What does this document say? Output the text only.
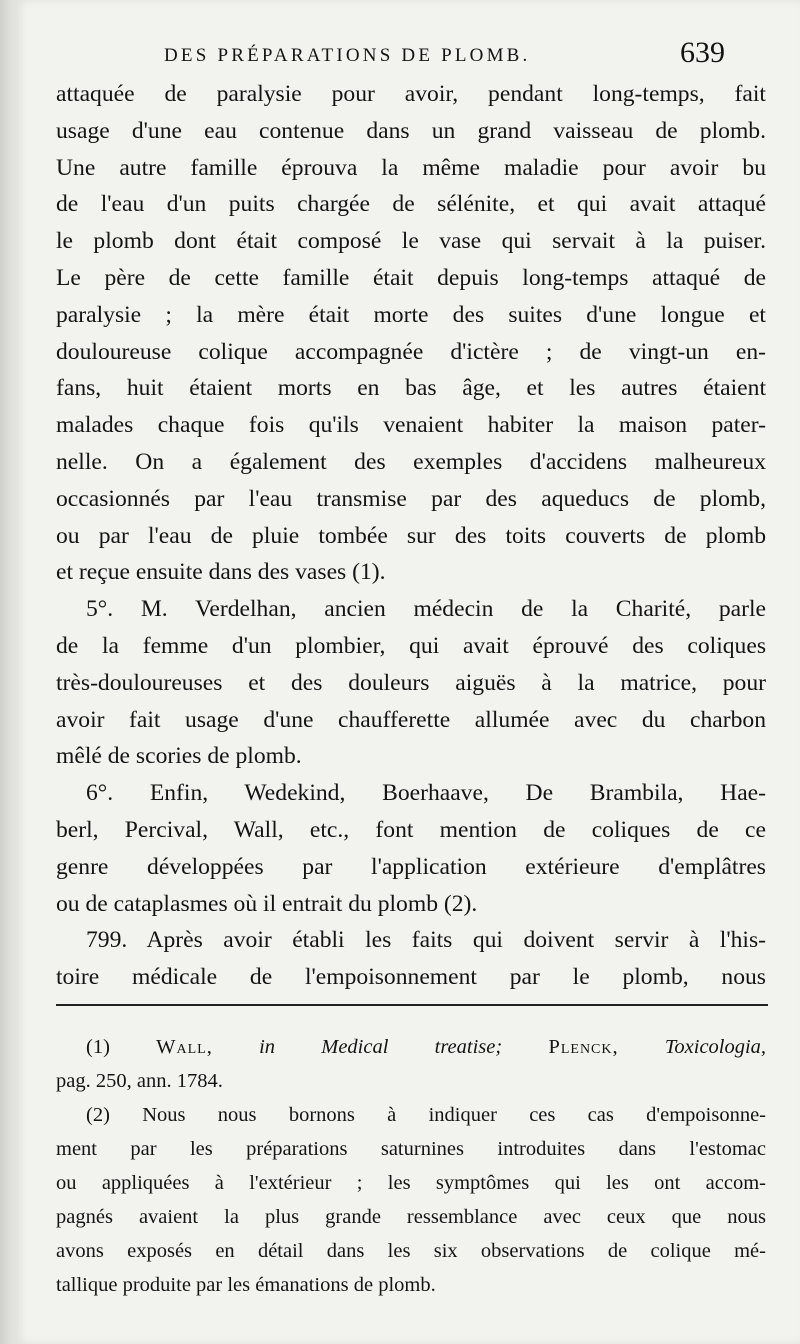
DES PRÉPARATIONS DE PLOMB.	639
attaquée de paralysie pour avoir, pendant long-temps, fait
usage d'une eau contenue dans un grand vaisseau de plomb.
Une autre famille éprouva la même maladie pour avoir bu
de l'eau d'un puits chargée de sélénite, et qui avait attaqué
le plomb dont était composé le vase qui servait à la puiser.
Le père de cette famille était depuis long-temps attaqué de
paralysie ; la mère était morte des suites d'une longue et
douloureuse colique accompagnée d'ictère ; de vingt-un en-
fans, huit étaient morts en bas âge, et les autres étaient
malades chaque fois qu'ils venaient habiter la maison pater-
nelle. On a également des exemples d'accidens malheureux
occasionnés par l'eau transmise par des aqueducs de plomb,
ou par l'eau de pluie tombée sur des toits couverts de plomb
et reçue ensuite dans des vases (1).
5°. M. Verdelhan, ancien médecin de la Charité, parle
de la femme d'un plombier, qui avait éprouvé des coliques
très-douloureuses et des douleurs aiguës à la matrice, pour
avoir fait usage d'une chaufferette allumée avec du charbon
mêlé de scories de plomb.
6°. Enfin, Wedekind, Boerhaave, De Brambila, Hae-
berl, Percival, Wall, etc., font mention de coliques de ce
genre développées par l'application extérieure d'emplâtres
ou de cataplasmes où il entrait du plomb (2).
799. Après avoir établi les faits qui doivent servir à l'his-
toire médicale de l'empoisonnement par le plomb, nous
(1) Wall, in Medical treatise; Plenck, Toxicologia,
pag. 250, ann. 1784.
(2) Nous nous bornons à indiquer ces cas d'empoisonne-
ment par les préparations saturnines introduites dans l'estomac
ou appliquées à l'extérieur ; les symptômes qui les ont accom-
pagnés avaient la plus grande ressemblance avec ceux que nous
avons exposés en détail dans les six observations de colique mé-
tallique produite par les émanations de plomb.
